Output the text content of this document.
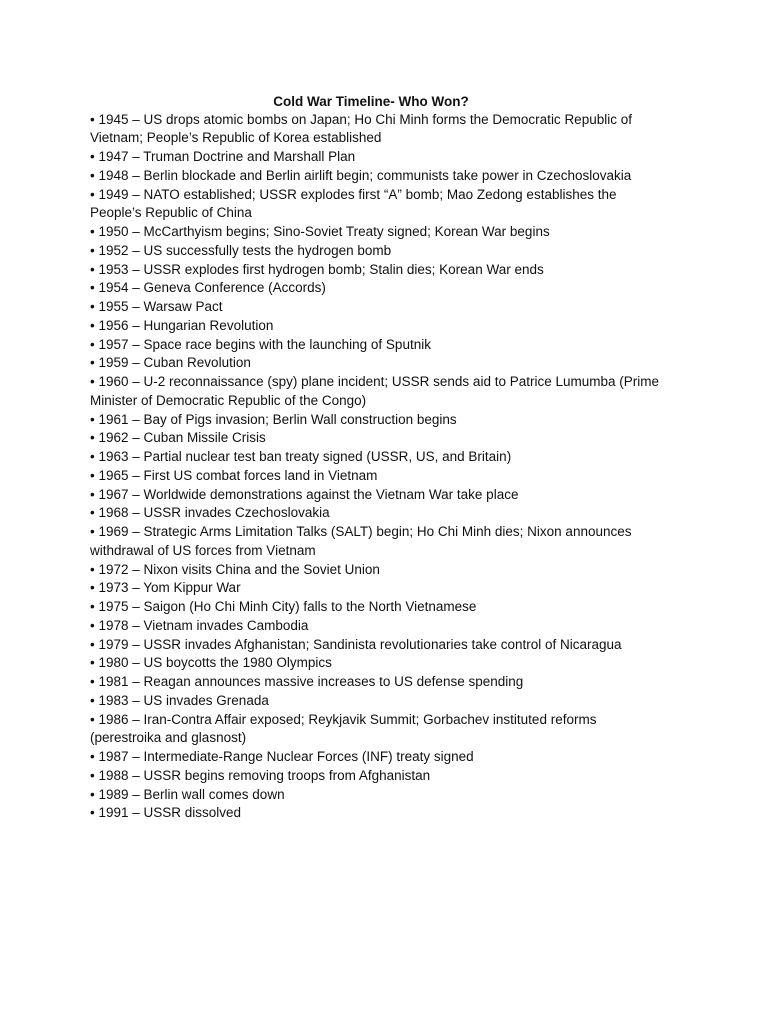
Cold War Timeline- Who Won?
• 1945 – US drops atomic bombs on Japan; Ho Chi Minh forms the Democratic Republic of
Vietnam; People’s Republic of Korea established
• 1947 – Truman Doctrine and Marshall Plan
• 1948 – Berlin blockade and Berlin airlift begin; communists take power in Czechoslovakia
• 1949 – NATO established; USSR explodes first “A” bomb; Mao Zedong establishes the
People’s Republic of China
• 1950 – McCarthyism begins; Sino-Soviet Treaty signed; Korean War begins
• 1952 – US successfully tests the hydrogen bomb
• 1953 – USSR explodes first hydrogen bomb; Stalin dies; Korean War ends
• 1954 – Geneva Conference (Accords)
• 1955 – Warsaw Pact
• 1956 – Hungarian Revolution
• 1957 – Space race begins with the launching of Sputnik
• 1959 – Cuban Revolution
• 1960 – U-2 reconnaissance (spy) plane incident; USSR sends aid to Patrice Lumumba (Prime
Minister of Democratic Republic of the Congo)
• 1961 – Bay of Pigs invasion; Berlin Wall construction begins
• 1962 – Cuban Missile Crisis
• 1963 – Partial nuclear test ban treaty signed (USSR, US, and Britain)
• 1965 – First US combat forces land in Vietnam
• 1967 – Worldwide demonstrations against the Vietnam War take place
• 1968 – USSR invades Czechoslovakia
• 1969 – Strategic Arms Limitation Talks (SALT) begin; Ho Chi Minh dies; Nixon announces
withdrawal of US forces from Vietnam
• 1972 – Nixon visits China and the Soviet Union
• 1973 – Yom Kippur War
• 1975 – Saigon (Ho Chi Minh City) falls to the North Vietnamese
• 1978 – Vietnam invades Cambodia
• 1979 – USSR invades Afghanistan; Sandinista revolutionaries take control of Nicaragua
• 1980 – US boycotts the 1980 Olympics
• 1981 – Reagan announces massive increases to US defense spending
• 1983 – US invades Grenada
• 1986 – Iran-Contra Affair exposed; Reykjavik Summit; Gorbachev instituted reforms
(perestroika and glasnost)
• 1987 – Intermediate-Range Nuclear Forces (INF) treaty signed
• 1988 – USSR begins removing troops from Afghanistan
• 1989 – Berlin wall comes down
• 1991 – USSR dissolved
